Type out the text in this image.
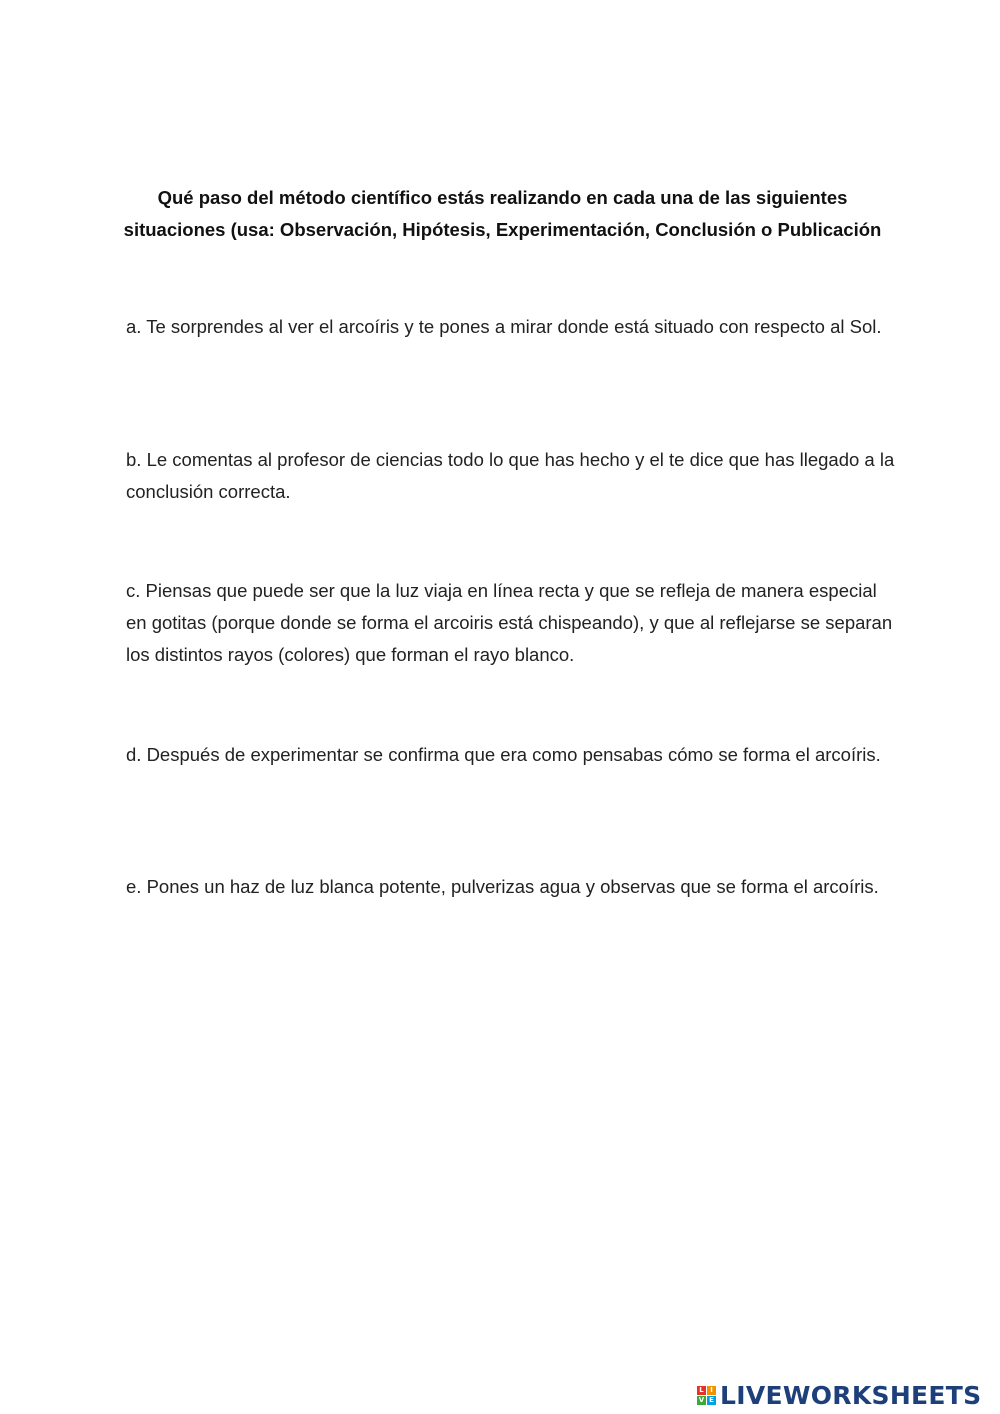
Qué paso del método científico estás realizando en cada una de las siguientes situaciones (usa: Observación, Hipótesis, Experimentación, Conclusión o Publicación
a. Te sorprendes al ver el arcoíris y te pones a mirar donde está situado con respecto al Sol.
b. Le comentas al profesor de ciencias todo lo que has hecho y el te dice que has llegado a la conclusión correcta.
c. Piensas que puede ser que la luz viaja en línea recta y que se refleja de manera especial en gotitas (porque donde se forma el arcoiris está chispeando), y que al reflejarse se separan los distintos rayos (colores) que forman el rayo blanco.
d. Después de experimentar se confirma que era como pensabas cómo se forma el arcoíris.
e. Pones un haz de luz blanca potente, pulverizas agua y observas que se forma el arcoíris.
L I
V E LIVEWORKSHEETS
